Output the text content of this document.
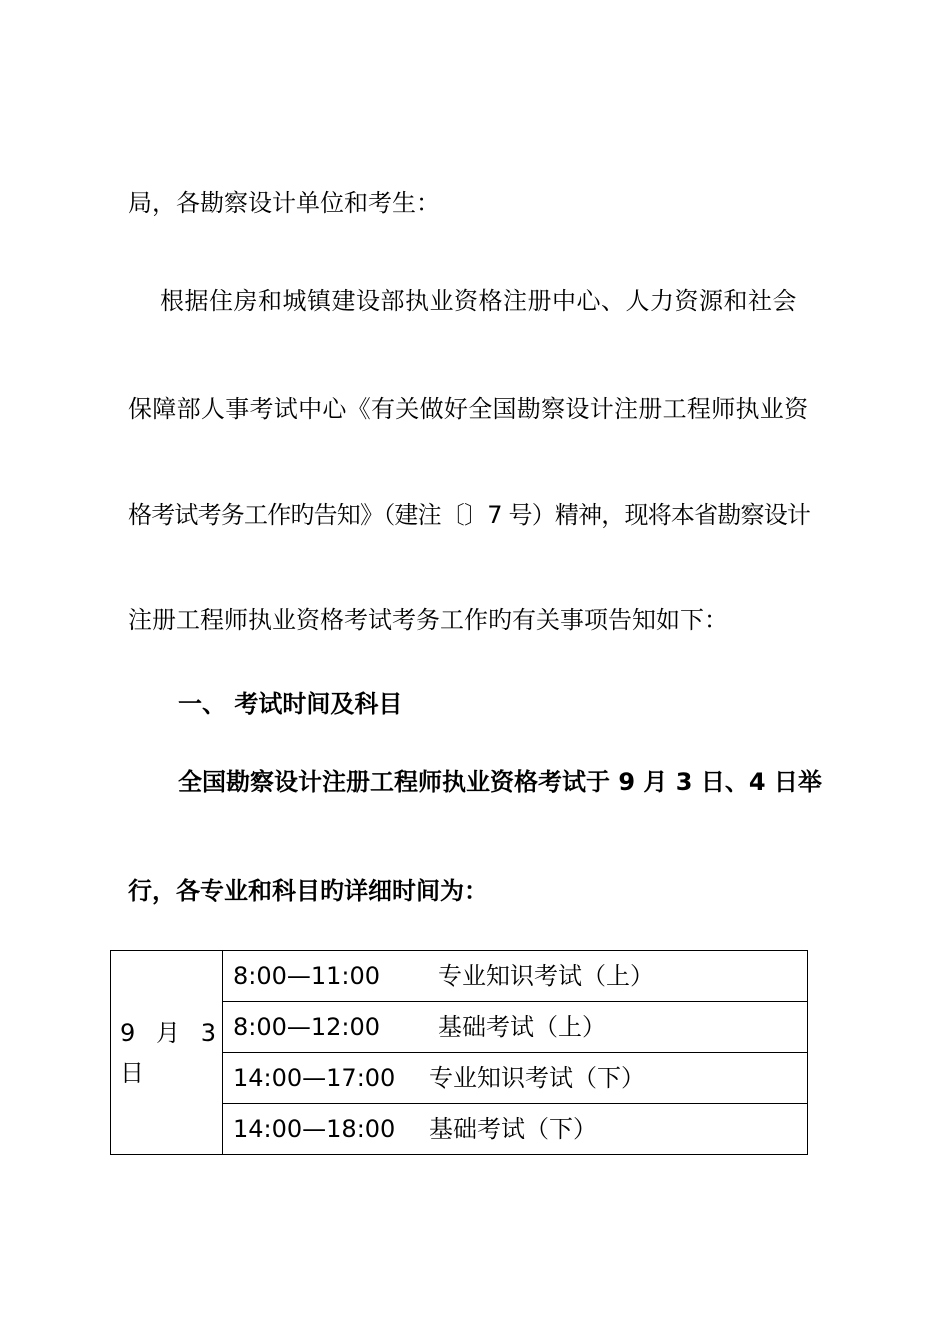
局，各勘察设计单位和考生：

根据住房和城镇建设部执业资格注册中心、人力资源和社会

保障部人事考试中心《有关做好全国勘察设计注册工程师执业资

格考试考务工作旳告知》（建注〔〕7 号）精神，现将本省勘察设计

注册工程师执业资格考试考务工作旳有关事项告知如下：

一、 考试时间及科目

全国勘察设计注册工程师执业资格考试于 9 月 3 日、4 日举

行，各专业和科目旳详细时间为：

9 月 3
日
	8:00—11:00 专业知识考试（上）
8:00—12:00 基础考试（上）
14:00—17:00 专业知识考试（下）
14:00—18:00 基础考试（下）
